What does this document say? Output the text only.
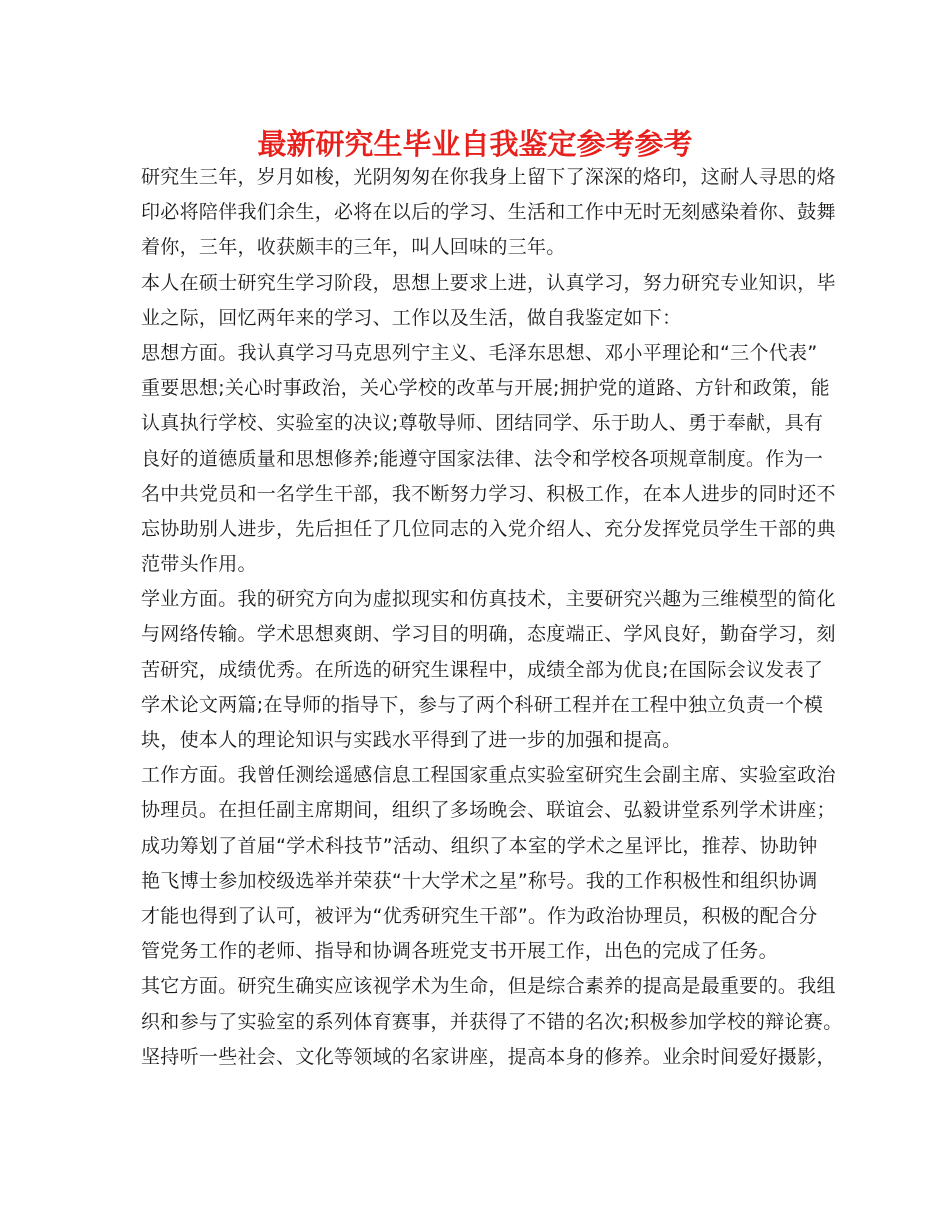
最新研究生毕业自我鉴定参考参考
研究生三年，岁月如梭，光阴匆匆在你我身上留下了深深的烙印，这耐人寻思的烙
印必将陪伴我们余生，必将在以后的学习、生活和工作中无时无刻感染着你、鼓舞
着你，三年，收获颇丰的三年，叫人回味的三年。
本人在硕士研究生学习阶段，思想上要求上进，认真学习，努力研究专业知识，毕
业之际，回忆两年来的学习、工作以及生活，做自我鉴定如下：
思想方面。我认真学习马克思列宁主义、毛泽东思想、邓小平理论和“三个代表”
重要思想;关心时事政治，关心学校的改革与开展;拥护党的道路、方针和政策，能
认真执行学校、实验室的决议;尊敬导师、团结同学、乐于助人、勇于奉献，具有
良好的道德质量和思想修养;能遵守国家法律、法令和学校各项规章制度。作为一
名中共党员和一名学生干部，我不断努力学习、积极工作，在本人进步的同时还不
忘协助别人进步，先后担任了几位同志的入党介绍人、充分发挥党员学生干部的典
范带头作用。
学业方面。我的研究方向为虚拟现实和仿真技术，主要研究兴趣为三维模型的简化
与网络传输。学术思想爽朗、学习目的明确，态度端正、学风良好，勤奋学习，刻
苦研究，成绩优秀。在所选的研究生课程中，成绩全部为优良;在国际会议发表了
学术论文两篇;在导师的指导下，参与了两个科研工程并在工程中独立负责一个模
块，使本人的理论知识与实践水平得到了进一步的加强和提高。
工作方面。我曾任测绘遥感信息工程国家重点实验室研究生会副主席、实验室政治
协理员。在担任副主席期间，组织了多场晚会、联谊会、弘毅讲堂系列学术讲座；
成功筹划了首届“学术科技节”活动、组织了本室的学术之星评比，推荐、协助钟
艳飞博士参加校级选举并荣获“十大学术之星”称号。我的工作积极性和组织协调
才能也得到了认可，被评为“优秀研究生干部”。作为政治协理员，积极的配合分
管党务工作的老师、指导和协调各班党支书开展工作，出色的完成了任务。
其它方面。研究生确实应该视学术为生命，但是综合素养的提高是最重要的。我组
织和参与了实验室的系列体育赛事，并获得了不错的名次;积极参加学校的辩论赛。
坚持听一些社会、文化等领域的名家讲座，提高本身的修养。业余时间爱好摄影，
